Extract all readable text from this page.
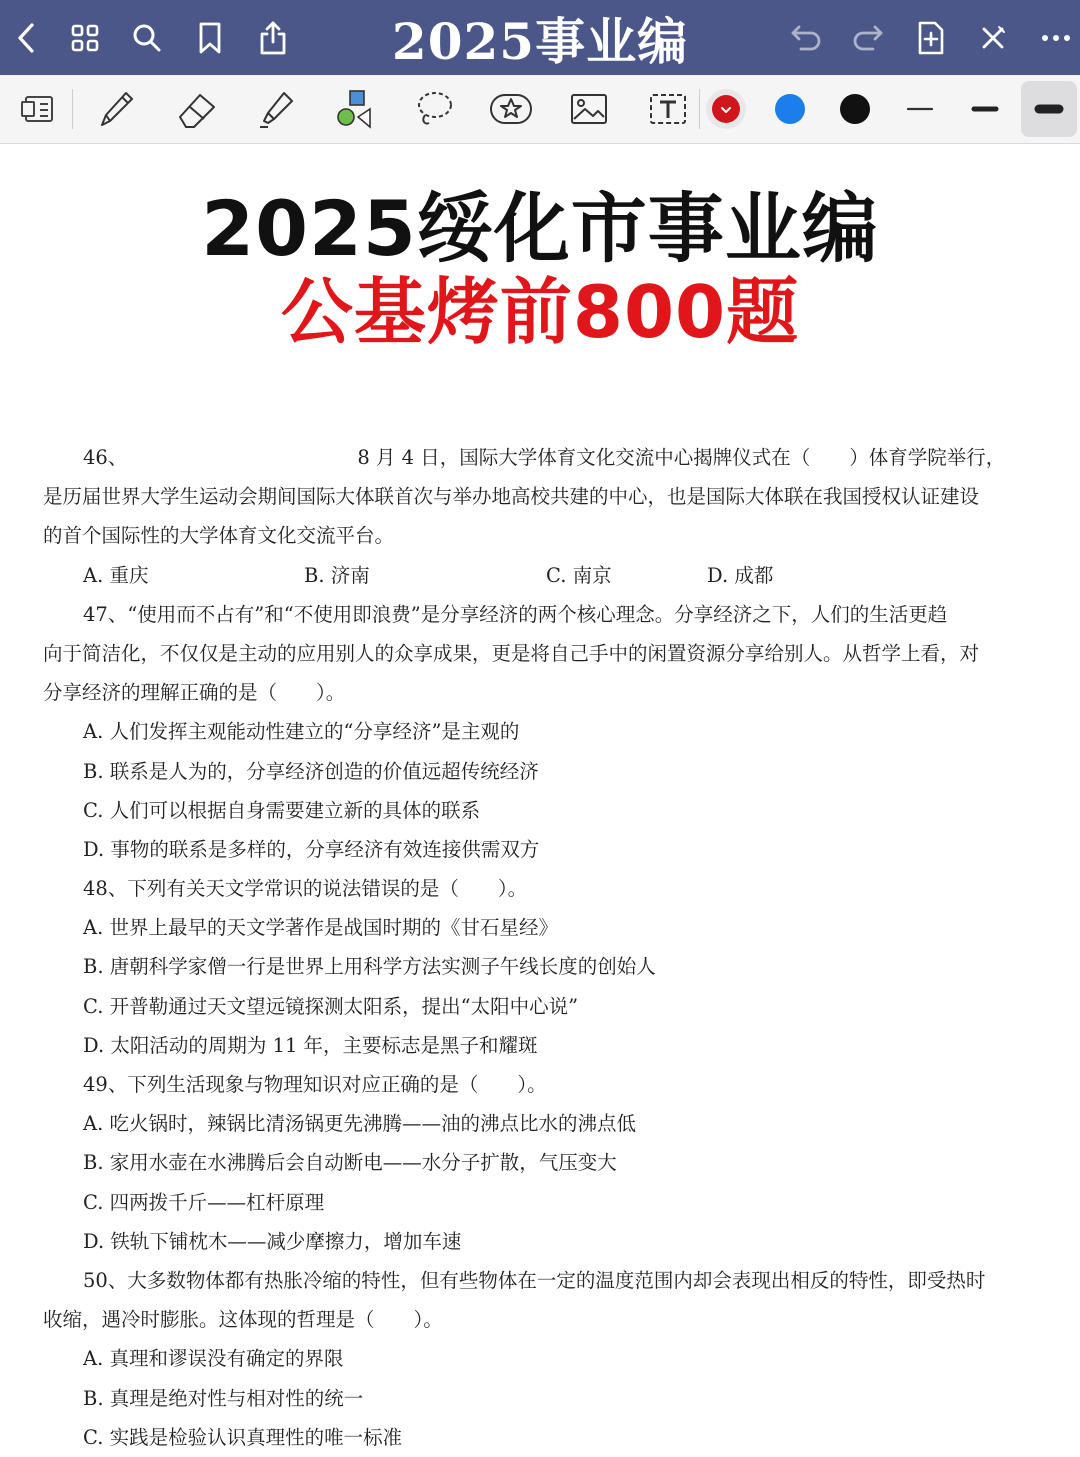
2025事业编
2025绥化市事业编
公基烤前800题
46、	8 月 4 日，国际大学体育文化交流中心揭牌仪式在（　　）体育学院举行，
是历届世界大学生运动会期间国际大体联首次与举办地高校共建的中心，也是国际大体联在我国授权认证建设
的首个国际性的大学体育文化交流平台。
A. 重庆	B. 济南	C. 南京	D. 成都
47、“使用而不占有”和“不使用即浪费”是分享经济的两个核心理念。分享经济之下，人们的生活更趋
向于简洁化，不仅仅是主动的应用别人的众享成果，更是将自己手中的闲置资源分享给别人。从哲学上看，对
分享经济的理解正确的是（　　）。
A. 人们发挥主观能动性建立的“分享经济”是主观的
B. 联系是人为的，分享经济创造的价值远超传统经济
C. 人们可以根据自身需要建立新的具体的联系
D. 事物的联系是多样的，分享经济有效连接供需双方
48、下列有关天文学常识的说法错误的是（　　）。
A. 世界上最早的天文学著作是战国时期的《甘石星经》
B. 唐朝科学家僧一行是世界上用科学方法实测子午线长度的创始人
C. 开普勒通过天文望远镜探测太阳系，提出“太阳中心说”
D. 太阳活动的周期为 11 年，主要标志是黑子和耀斑
49、下列生活现象与物理知识对应正确的是（　　）。
A. 吃火锅时，辣锅比清汤锅更先沸腾——油的沸点比水的沸点低
B. 家用水壶在水沸腾后会自动断电——水分子扩散，气压变大
C. 四两拨千斤——杠杆原理
D. 铁轨下铺枕木——减少摩擦力，增加车速
50、大多数物体都有热胀冷缩的特性，但有些物体在一定的温度范围内却会表现出相反的特性，即受热时
收缩，遇冷时膨胀。这体现的哲理是（　　）。
A. 真理和谬误没有确定的界限
B. 真理是绝对性与相对性的统一
C. 实践是检验认识真理性的唯一标准
